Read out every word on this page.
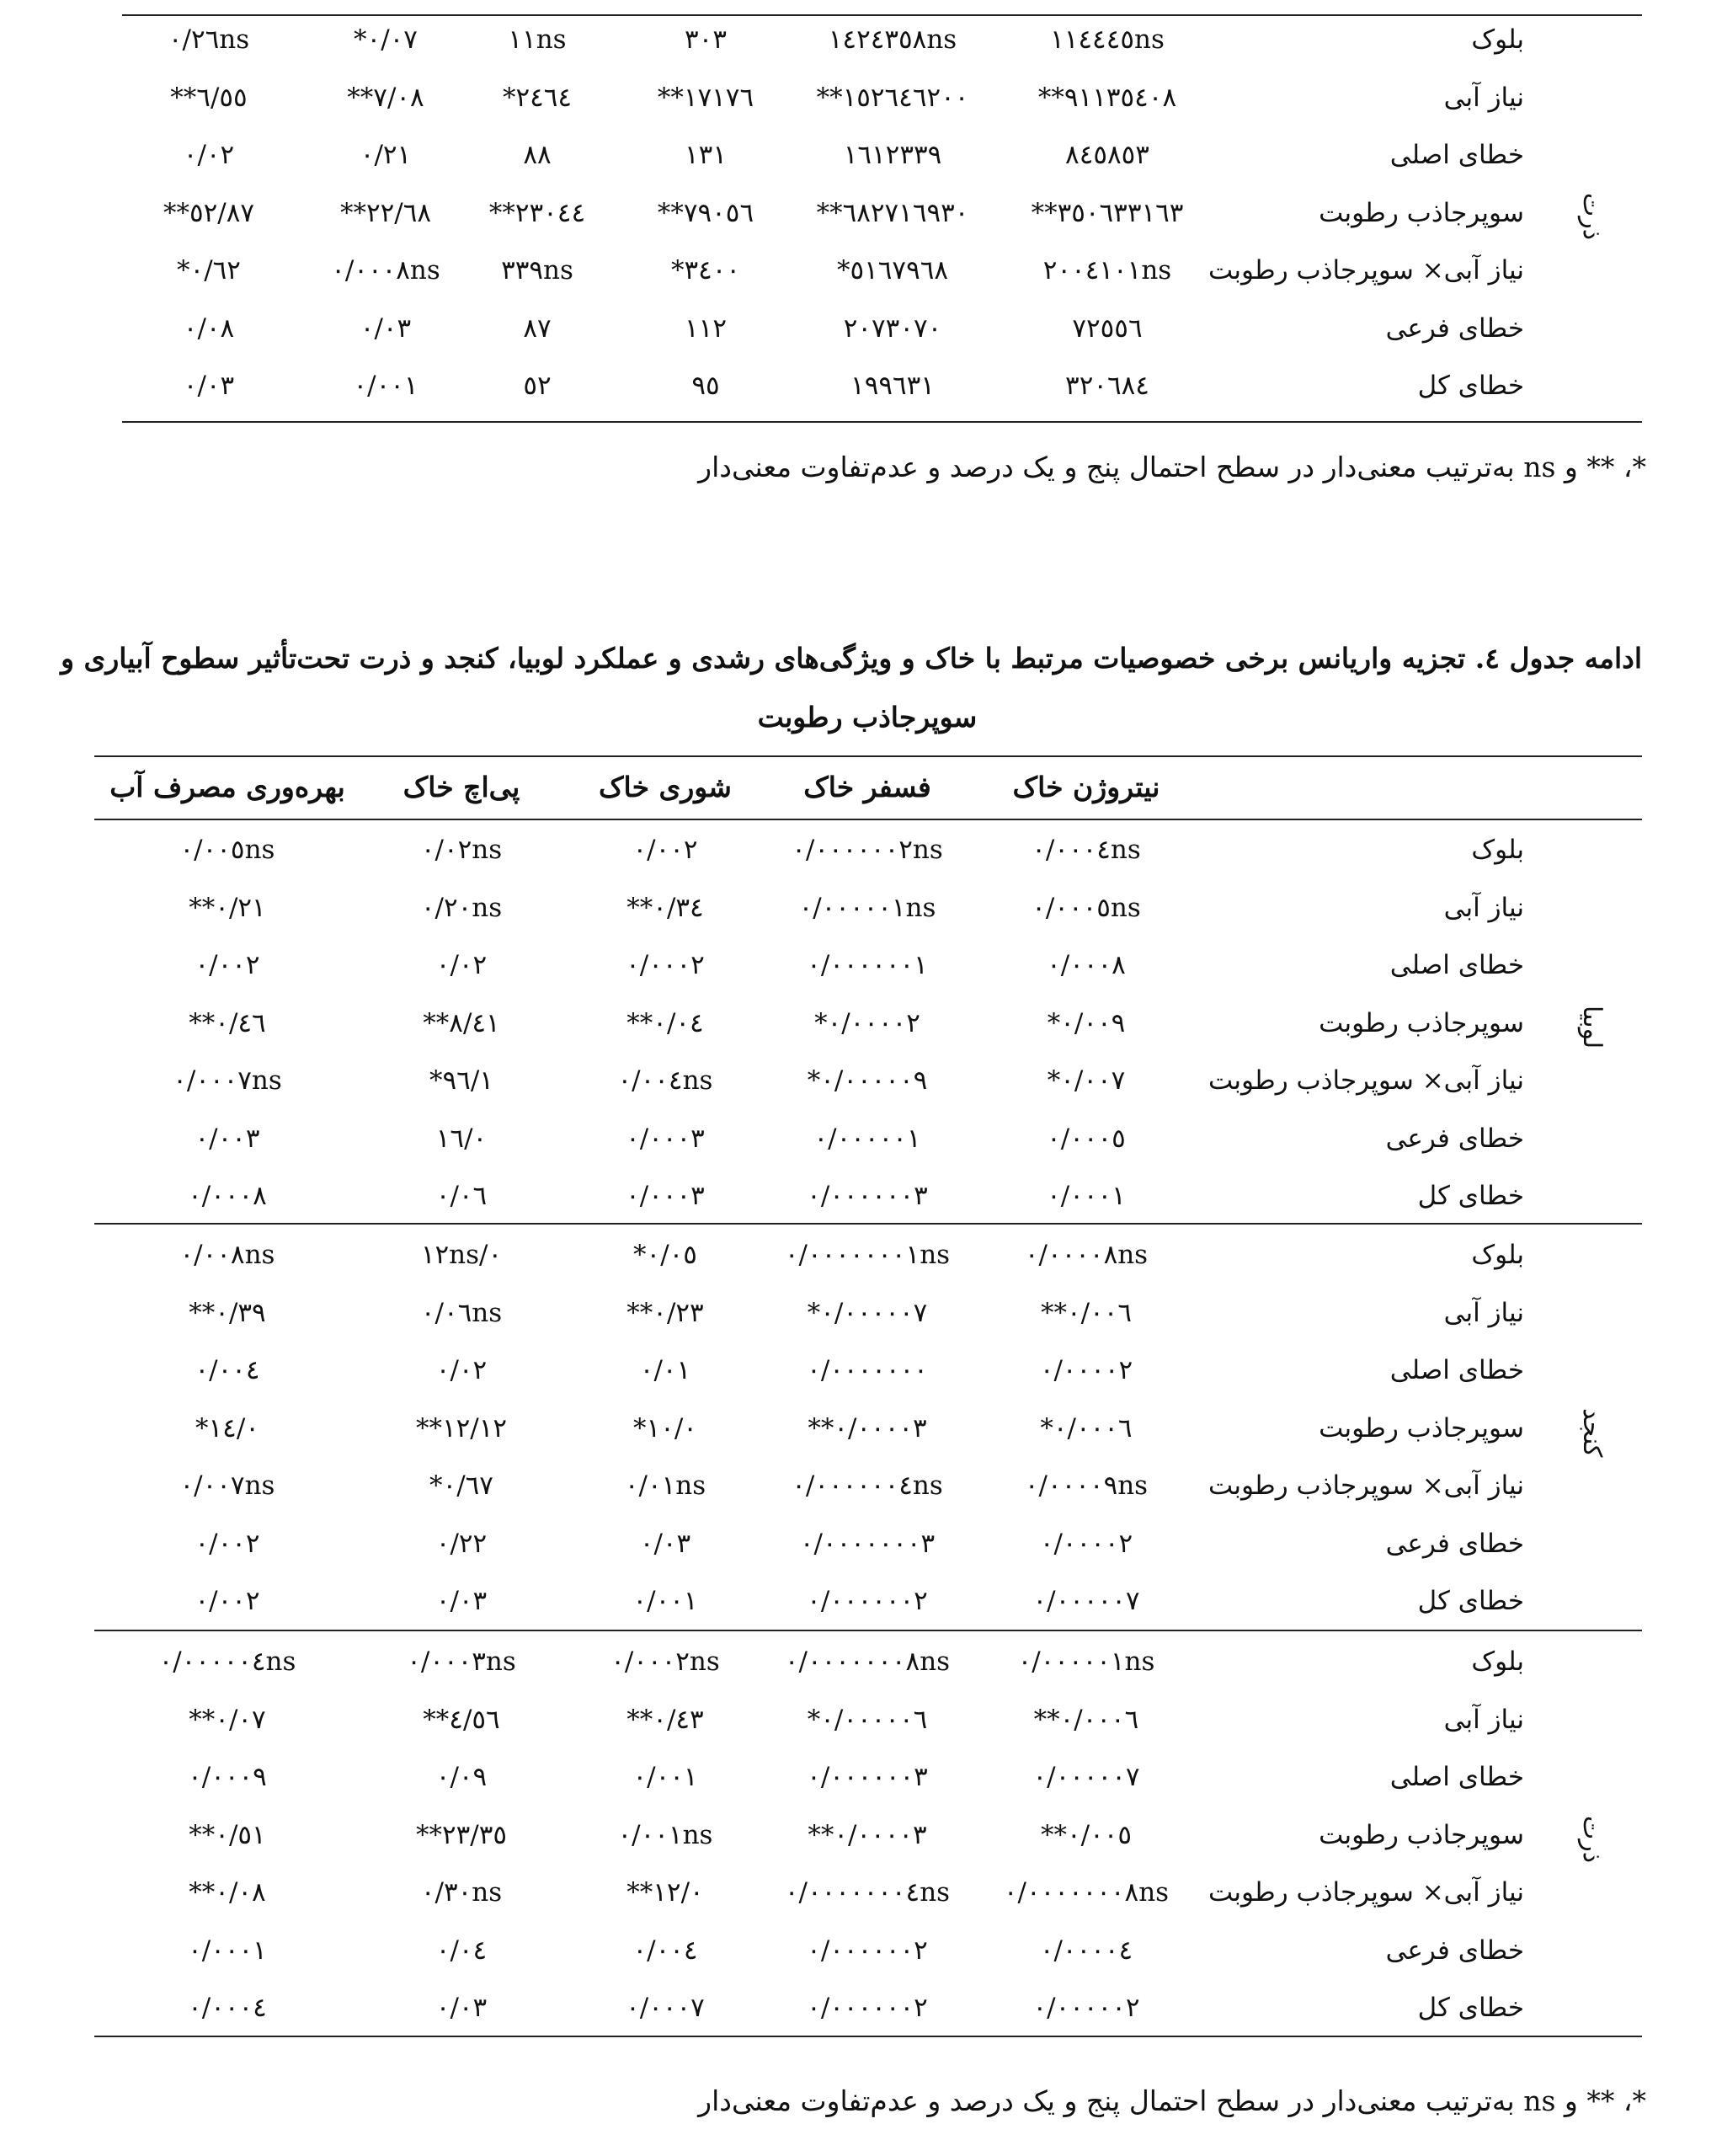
بلوک
۱۱٤٤٤٥ns
۱٤٢٤٣٥٨ns
٣٠٣
۱۱ns
٠/٠٧*
٠/٢٦ns
نیاز آبی
٩۱۱٣٥٤٠٨**
۱٥٢٦٤٦٢٠٠**
۱٧۱٧٦**
٢٤٦٤*
٧/٠٨**
٦/٥٥**
خطای اصلی
٨٤٥٨٥٣
۱٦۱٢٣٣٩
۱٣۱
٨٨
٠/٢۱
٠/٠٢
سوپرجاذب رطوبت
٣٥٠٦٣٣۱٦٣**
٦٨٢٧۱٦٩٣٠**
٧٩٠٥٦**
٢٣٠٤٤**
٢٢/٦٨**
٥٢/٨٧**
نیاز آبی× سوپرجاذب رطوبت
٢٠٠٤۱٠۱ns
٥۱٦٧٩٦٨*
٣٤٠٠*
٣٣٩ns
٠/٠٠٠٨ns
٠/٦٢*
خطای فرعی
٧٢٥٥٦
٢٠٧٣٠٧٠
۱۱٢
٨٧
٠/٠٣
٠/٠٨
خطای کل
٣٢٠٦٨٤
۱٩٩٦٣۱
٩٥
٥٢
٠/٠٠۱
٠/٠٣
ذرت
*، ** و ns به‌ترتیب معنی‌دار در سطح احتمال پنج و یک درصد و عدم‌تفاوت معنی‌دار
ادامه جدول ٤. تجزیه واریانس برخی خصوصیات مرتبط با خاک و ویژگی‌های رشدی و عملکرد لوبیا، کنجد و ذرت تحت‌تأثیر سطوح آبیاری و
سوپرجاذب رطوبت
نیتروژن خاک
فسفر خاک
شوری خاک
پی‌اچ خاک
بهره‌وری مصرف آب
بلوک
٠/٠٠٠٤ns
٠/٠٠٠٠٠٠٢ns
٠/٠٠٢
٠/٠٢ns
٠/٠٠٥ns
نیاز آبی
٠/٠٠٠٥ns
٠/٠٠٠٠٠۱ns
٠/٣٤**
٠/٢٠ns
٠/٢۱**
خطای اصلی
٠/٠٠٠٨
٠/٠٠٠٠٠٠۱
٠/٠٠٠٢
٠/٠٢
٠/٠٠٢
سوپرجاذب رطوبت
٠/٠٠٩*
٠/٠٠٠٠٢*
٠/٠٤**
٨/٤۱**
٠/٤٦**
نیاز آبی× سوپرجاذب رطوبت
٠/٠٠٧*
٠/٠٠٠٠٠٩*
٠/٠٠٤ns
۱/٩٦*
٠/٠٠٠٧ns
خطای فرعی
٠/٠٠٠٥
٠/٠٠٠٠٠۱
٠/٠٠٠٣
٠/۱٦
٠/٠٠٣
خطای کل
٠/٠٠٠۱
٠/٠٠٠٠٠٠٣
٠/٠٠٠٣
٠/٠٦
٠/٠٠٠٨
لوبیا
بلوک
٠/٠٠٠٠٨ns
٠/٠٠٠٠٠٠٠۱ns
٠/٠٥*
٠/۱٢ns
٠/٠٠٨ns
نیاز آبی
٠/٠٠٦**
٠/٠٠٠٠٠٧*
٠/٢٣**
٠/٠٦ns
٠/٣٩**
خطای اصلی
٠/٠٠٠٠٢
٠/٠٠٠٠٠٠٠
٠/٠۱
٠/٠٢
٠/٠٠٤
سوپرجاذب رطوبت
٠/٠٠٠٦*
٠/٠٠٠٠٣**
٠/۱٠*
۱٢/۱٢**
٠/۱٤*
نیاز آبی× سوپرجاذب رطوبت
٠/٠٠٠٠٩ns
٠/٠٠٠٠٠٠٤ns
٠/٠۱ns
٠/٦٧*
٠/٠٠٧ns
خطای فرعی
٠/٠٠٠٠٢
٠/٠٠٠٠٠٠٠٣
٠/٠٣
٠/٢٢
٠/٠٠٢
خطای کل
٠/٠٠٠٠٠٧
٠/٠٠٠٠٠٠٢
٠/٠٠۱
٠/٠٣
٠/٠٠٢
کنجد
بلوک
٠/٠٠٠٠٠۱ns
٠/٠٠٠٠٠٠٠٨ns
٠/٠٠٠٢ns
٠/٠٠٠٣ns
٠/٠٠٠٠٠٤ns
نیاز آبی
٠/٠٠٠٦**
٠/٠٠٠٠٠٦*
٠/٤٣**
٤/٥٦**
٠/٠٧**
خطای اصلی
٠/٠٠٠٠٠٧
٠/٠٠٠٠٠٠٣
٠/٠٠۱
٠/٠٩
٠/٠٠٠٩
سوپرجاذب رطوبت
٠/٠٠٥**
٠/٠٠٠٠٣**
٠/٠٠۱ns
٢٣/٣٥**
٠/٥۱**
نیاز آبی× سوپرجاذب رطوبت
٠/٠٠٠٠٠٠٠٨ns
٠/٠٠٠٠٠٠٠٤ns
٠/۱٢**
٠/٣٠ns
٠/٠٨**
خطای فرعی
٠/٠٠٠٠٤
٠/٠٠٠٠٠٠٢
٠/٠٠٤
٠/٠٤
٠/٠٠٠۱
خطای کل
٠/٠٠٠٠٠٢
٠/٠٠٠٠٠٠٢
٠/٠٠٠٧
٠/٠٣
٠/٠٠٠٤
ذرت
*، ** و ns به‌ترتیب معنی‌دار در سطح احتمال پنج و یک درصد و عدم‌تفاوت معنی‌دار
